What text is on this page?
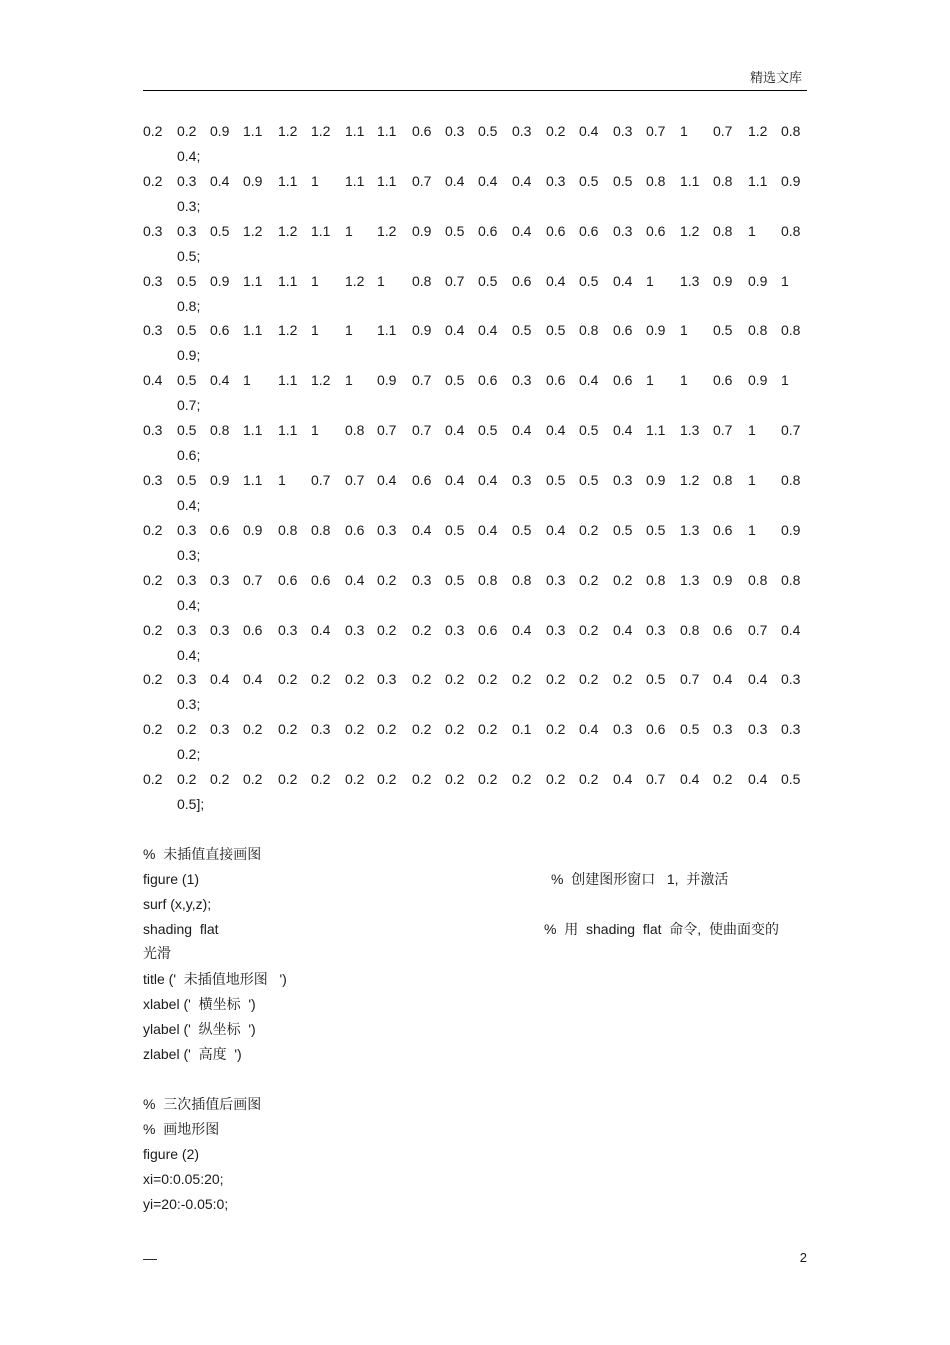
精选文库
0.2 0.2 0.9 1.1 1.2 1.2 1.1 1.1 0.6 0.3 0.5 0.3 0.2 0.4 0.3 0.7 1 0.7 1.2 0.8
0.4;
0.2 0.3 0.4 0.9 1.1 1 1.1 1.1 0.7 0.4 0.4 0.4 0.3 0.5 0.5 0.8 1.1 0.8 1.1 0.9
0.3;
0.3 0.3 0.5 1.2 1.2 1.1 1 1.2 0.9 0.5 0.6 0.4 0.6 0.6 0.3 0.6 1.2 0.8 1 0.8
0.5;
0.3 0.5 0.9 1.1 1.1 1 1.2 1 0.8 0.7 0.5 0.6 0.4 0.5 0.4 1 1.3 0.9 0.9 1
0.8;
0.3 0.5 0.6 1.1 1.2 1 1 1.1 0.9 0.4 0.4 0.5 0.5 0.8 0.6 0.9 1 0.5 0.8 0.8
0.9;
0.4 0.5 0.4 1 1.1 1.2 1 0.9 0.7 0.5 0.6 0.3 0.6 0.4 0.6 1 1 0.6 0.9 1
0.7;
0.3 0.5 0.8 1.1 1.1 1 0.8 0.7 0.7 0.4 0.5 0.4 0.4 0.5 0.4 1.1 1.3 0.7 1 0.7
0.6;
0.3 0.5 0.9 1.1 1 0.7 0.7 0.4 0.6 0.4 0.4 0.3 0.5 0.5 0.3 0.9 1.2 0.8 1 0.8
0.4;
0.2 0.3 0.6 0.9 0.8 0.8 0.6 0.3 0.4 0.5 0.4 0.5 0.4 0.2 0.5 0.5 1.3 0.6 1 0.9
0.3;
0.2 0.3 0.3 0.7 0.6 0.6 0.4 0.2 0.3 0.5 0.8 0.8 0.3 0.2 0.2 0.8 1.3 0.9 0.8 0.8
0.4;
0.2 0.3 0.3 0.6 0.3 0.4 0.3 0.2 0.2 0.3 0.6 0.4 0.3 0.2 0.4 0.3 0.8 0.6 0.7 0.4
0.4;
0.2 0.3 0.4 0.4 0.2 0.2 0.2 0.3 0.2 0.2 0.2 0.2 0.2 0.2 0.2 0.5 0.7 0.4 0.4 0.3
0.3;
0.2 0.2 0.3 0.2 0.2 0.3 0.2 0.2 0.2 0.2 0.2 0.1 0.2 0.4 0.3 0.6 0.5 0.3 0.3 0.3
0.2;
0.2 0.2 0.2 0.2 0.2 0.2 0.2 0.2 0.2 0.2 0.2 0.2 0.2 0.2 0.4 0.7 0.4 0.2 0.4 0.5
0.5];
%  未插值直接画图
figure (1)	%  创建图形窗口   1,  并激活
surf (x,y,z);
shading  flat	%  用  shading  flat  命令,  使曲面变的
光滑
title ('  未插值地形图   ')
xlabel ('  横坐标  ')
ylabel ('  纵坐标  ')
zlabel ('  高度  ')
%  三次插值后画图
%  画地形图
figure (2)
xi=0:0.05:20;
yi=20:-0.05:0;
—	2
